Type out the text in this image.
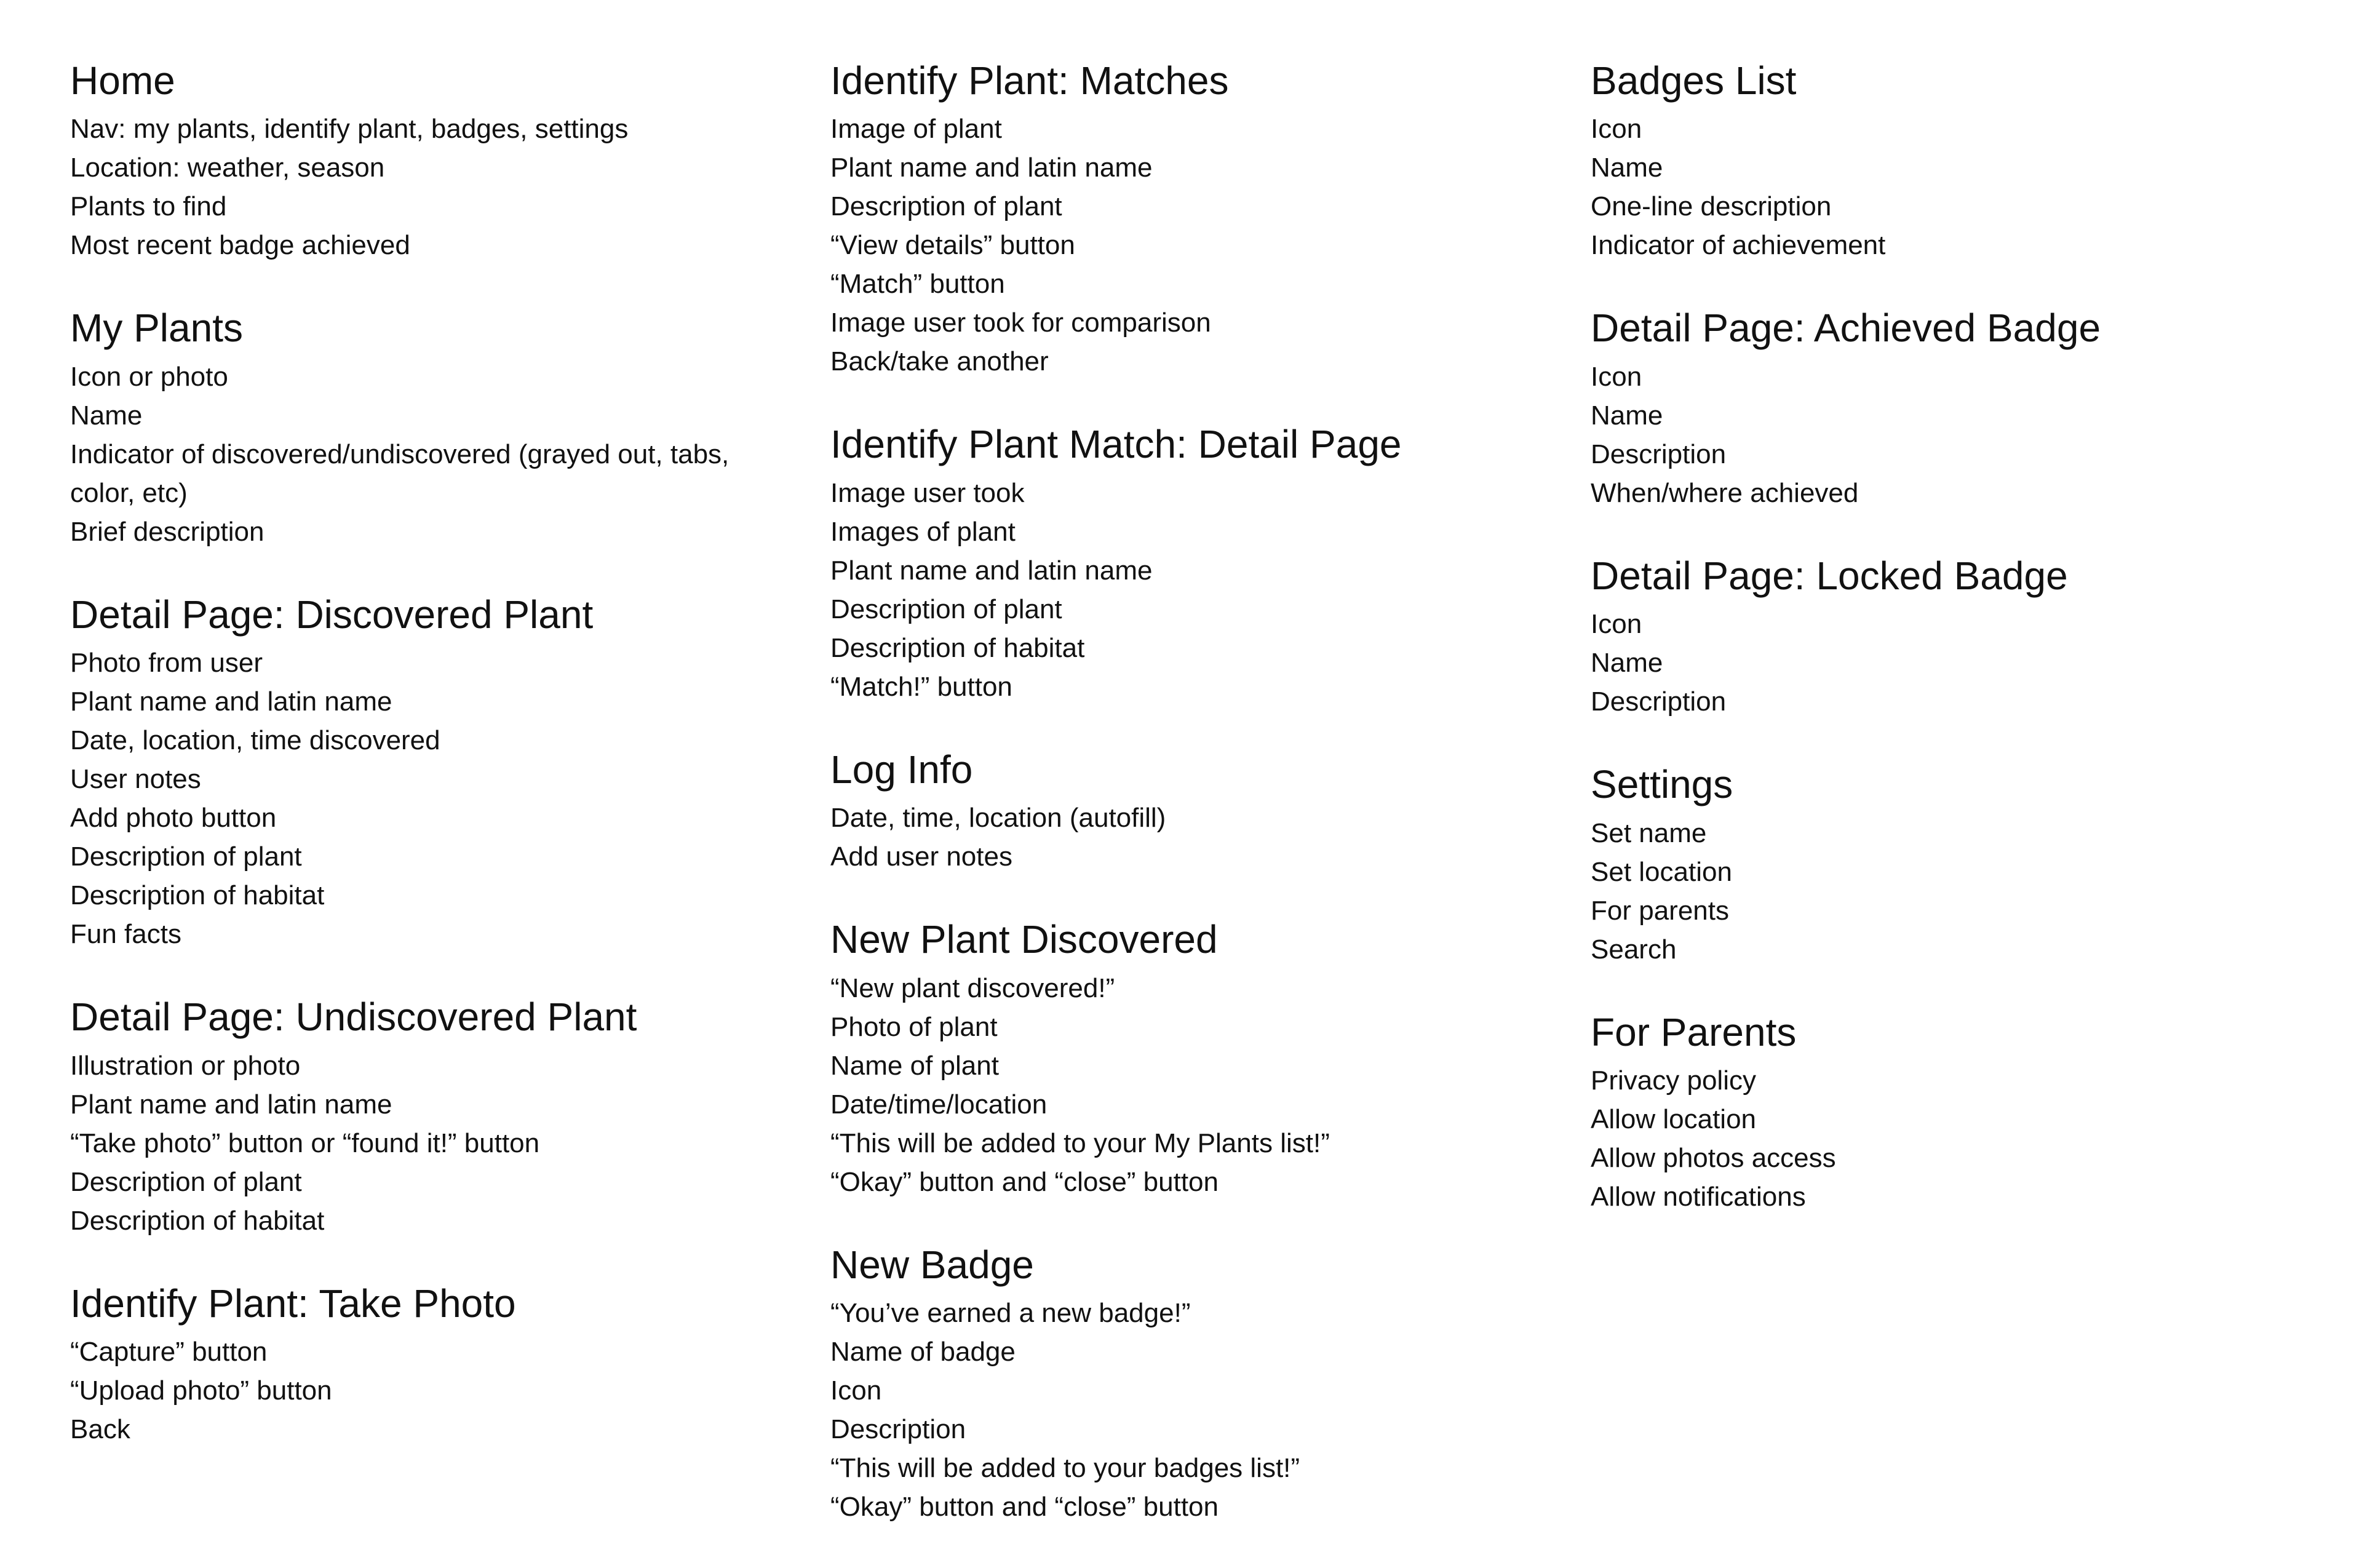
Home
Nav: my plants, identify plant, badges, settings
Location: weather, season
Plants to find
Most recent badge achieved
My Plants
Icon or photo
Name
Indicator of discovered/undiscovered (grayed out, tabs, color, etc)
Brief description
Detail Page: Discovered Plant
Photo from user
Plant name and latin name
Date, location, time discovered
User notes
Add photo button
Description of plant
Description of habitat
Fun facts
Detail Page: Undiscovered Plant
Illustration or photo
Plant name and latin name
“Take photo” button or “found it!” button
Description of plant
Description of habitat
Identify Plant: Take Photo
“Capture” button
“Upload photo” button
Back
Identify Plant: Matches
Image of plant
Plant name and latin name
Description of plant
“View details” button
“Match” button
Image user took for comparison
Back/take another
Identify Plant Match: Detail Page
Image user took
Images of plant
Plant name and latin name
Description of plant
Description of habitat
“Match!” button
Log Info
Date, time, location (autofill)
Add user notes
New Plant Discovered
“New plant discovered!”
Photo of plant
Name of plant
Date/time/location
“This will be added to your My Plants list!”
“Okay” button and “close” button
New Badge
“You’ve earned a new badge!”
Name of badge
Icon
Description
“This will be added to your badges list!”
“Okay” button and “close” button
Badges List
Icon
Name
One-line description
Indicator of achievement
Detail Page: Achieved Badge
Icon
Name
Description
When/where achieved
Detail Page: Locked Badge
Icon
Name
Description
Settings
Set name
Set location
For parents
Search
For Parents
Privacy policy
Allow location
Allow photos access
Allow notifications
